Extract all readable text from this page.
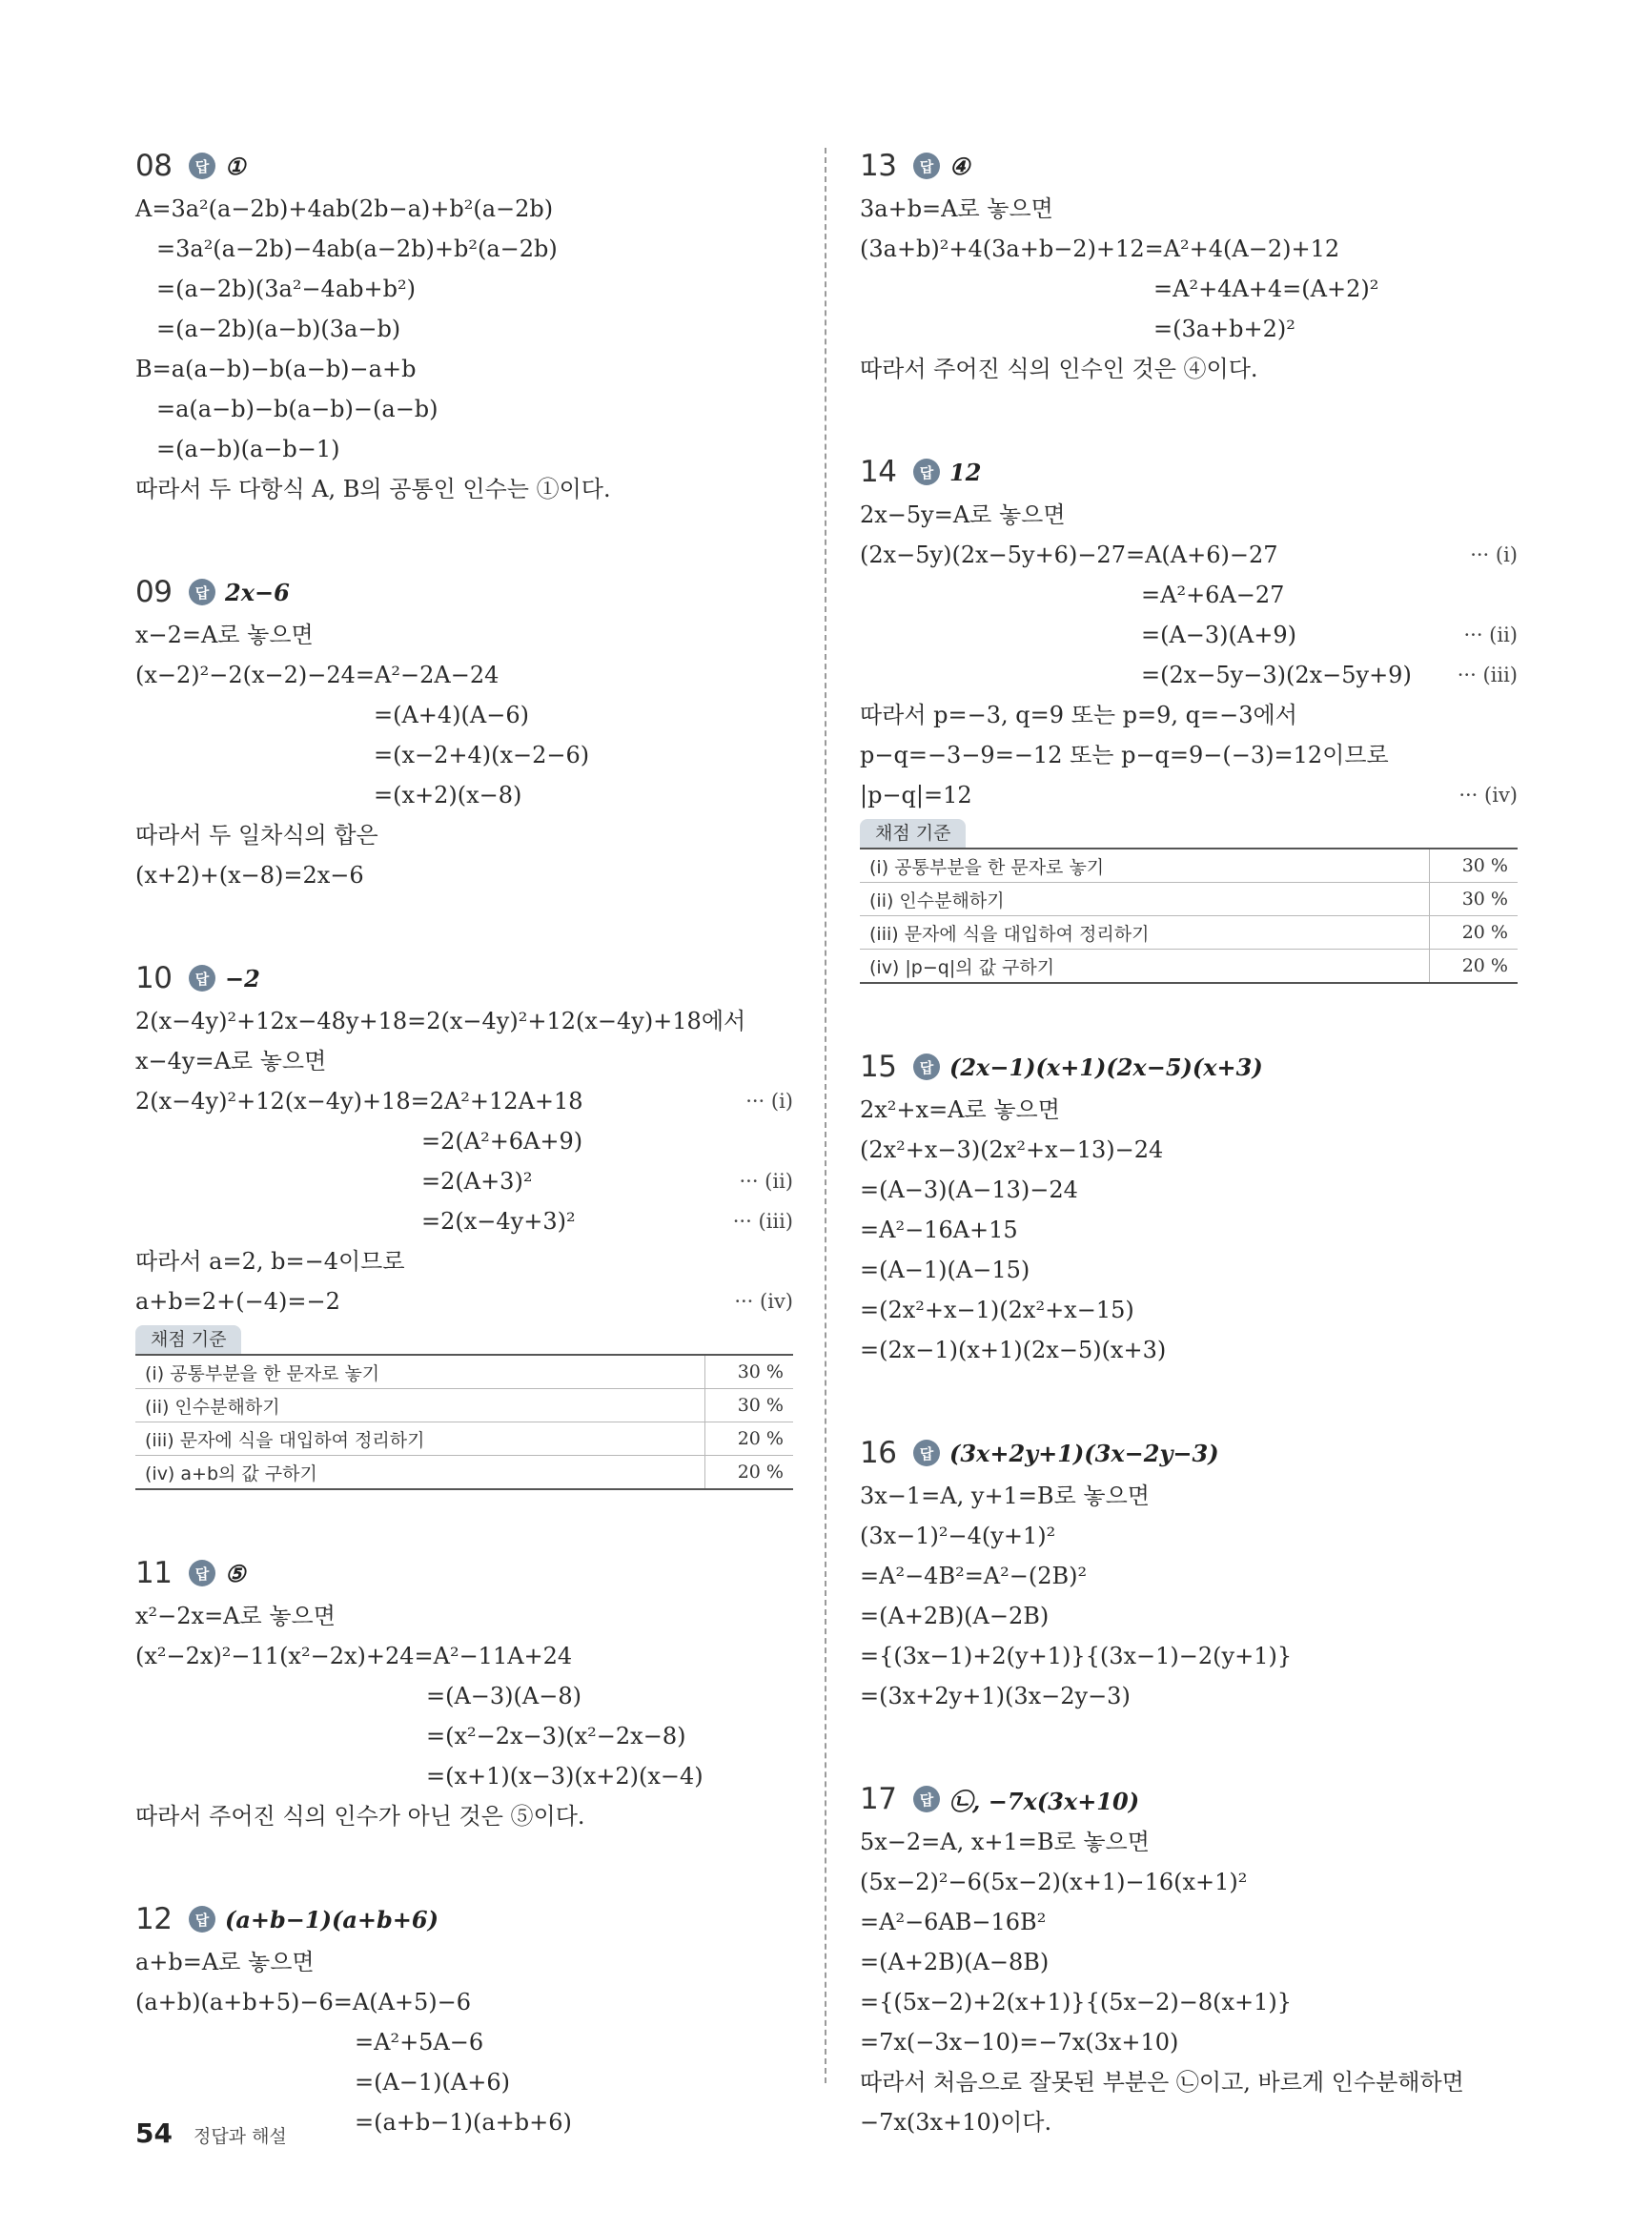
08	답 ①
A=3a²(a−2b)+4ab(2b−a)+b²(a−2b)
=3a²(a−2b)−4ab(a−2b)+b²(a−2b)
=(a−2b)(3a²−4ab+b²)
=(a−2b)(a−b)(3a−b)
B=a(a−b)−b(a−b)−a+b
=a(a−b)−b(a−b)−(a−b)
=(a−b)(a−b−1)
따라서 두 다항식 A, B의 공통인 인수는 ①이다.
09	답 2x−6
x−2=A로 놓으면
(x−2)²−2(x−2)−24=A²−2A−24
=(A+4)(A−6)
=(x−2+4)(x−2−6)
=(x+2)(x−8)
따라서 두 일차식의 합은
(x+2)+(x−8)=2x−6
10	답 −2
2(x−4y)²+12x−48y+18=2(x−4y)²+12(x−4y)+18에서
x−4y=A로 놓으면
2(x−4y)²+12(x−4y)+18=2A²+12A+18	··· (i)
=2(A²+6A+9)
=2(A+3)²	··· (ii)
=2(x−4y+3)²	··· (iii)
따라서 a=2, b=−4이므로
a+b=2+(−4)=−2	··· (iv)
채점 기준
(i) 공통부분을 한 문자로 놓기	30 %
(ii) 인수분해하기	30 %
(iii) 문자에 식을 대입하여 정리하기	20 %
(iv) a+b의 값 구하기	20 %
11	답 ⑤
x²−2x=A로 놓으면
(x²−2x)²−11(x²−2x)+24=A²−11A+24
=(A−3)(A−8)
=(x²−2x−3)(x²−2x−8)
=(x+1)(x−3)(x+2)(x−4)
따라서 주어진 식의 인수가 아닌 것은 ⑤이다.
12	답 (a+b−1)(a+b+6)
a+b=A로 놓으면
(a+b)(a+b+5)−6=A(A+5)−6
=A²+5A−6
=(A−1)(A+6)
=(a+b−1)(a+b+6)
13	답 ④
3a+b=A로 놓으면
(3a+b)²+4(3a+b−2)+12=A²+4(A−2)+12
=A²+4A+4=(A+2)²
=(3a+b+2)²
따라서 주어진 식의 인수인 것은 ④이다.
14	답 12
2x−5y=A로 놓으면
(2x−5y)(2x−5y+6)−27=A(A+6)−27	··· (i)
=A²+6A−27
=(A−3)(A+9)	··· (ii)
=(2x−5y−3)(2x−5y+9) ··· (iii)
따라서 p=−3, q=9 또는 p=9, q=−3에서
p−q=−3−9=−12 또는 p−q=9−(−3)=12이므로
|p−q|=12	··· (iv)
채점 기준
(i) 공통부분을 한 문자로 놓기	30 %
(ii) 인수분해하기	30 %
(iii) 문자에 식을 대입하여 정리하기	20 %
(iv) |p−q|의 값 구하기	20 %
15	답 (2x−1)(x+1)(2x−5)(x+3)
2x²+x=A로 놓으면
(2x²+x−3)(2x²+x−13)−24
=(A−3)(A−13)−24
=A²−16A+15
=(A−1)(A−15)
=(2x²+x−1)(2x²+x−15)
=(2x−1)(x+1)(2x−5)(x+3)
16	답 (3x+2y+1)(3x−2y−3)
3x−1=A, y+1=B로 놓으면
(3x−1)²−4(y+1)²
=A²−4B²=A²−(2B)²
=(A+2B)(A−2B)
={(3x−1)+2(y+1)}{(3x−1)−2(y+1)}
=(3x+2y+1)(3x−2y−3)
17	답 ㉡, −7x(3x+10)
5x−2=A, x+1=B로 놓으면
(5x−2)²−6(5x−2)(x+1)−16(x+1)²
=A²−6AB−16B²
=(A+2B)(A−8B)
={(5x−2)+2(x+1)}{(5x−2)−8(x+1)}
=7x(−3x−10)=−7x(3x+10)
따라서 처음으로 잘못된 부분은 ㉡이고, 바르게 인수분해하면
−7x(3x+10)이다.
54 정답과 해설
